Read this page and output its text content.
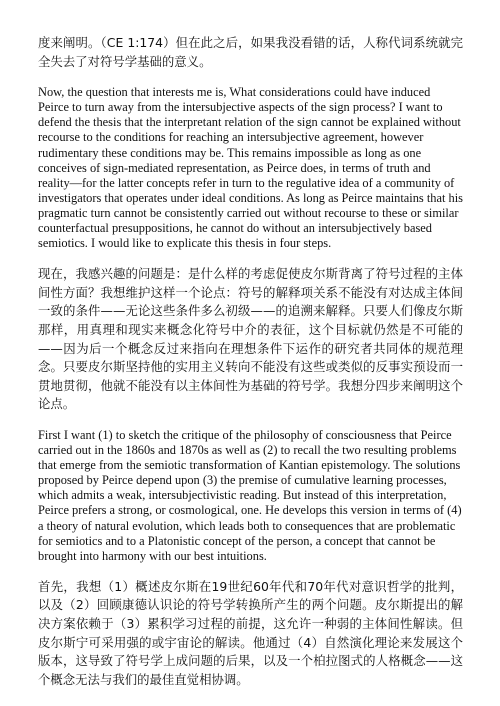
度来阐明。（CE 1:174）但在此之后，如果我没看错的话，人称代词系统就完全失去了对符号学基础的意义。

Now, the question that interests me is, What considerations could have induced Peirce to turn away from the intersubjective aspects of the sign process? I want to defend the thesis that the interpretant relation of the sign cannot be explained without recourse to the conditions for reaching an intersubjective agreement, however rudimentary these conditions may be. This remains impossible as long as one conceives of sign-mediated representation, as Peirce does, in terms of truth and reality—for the latter concepts refer in turn to the regulative idea of a community of investigators that operates under ideal conditions. As long as Peirce maintains that his pragmatic turn cannot be consistently carried out without recourse to these or similar counterfactual presuppositions, he cannot do without an intersubjectively based semiotics. I would like to explicate this thesis in four steps.

现在，我感兴趣的问题是：是什么样的考虑促使皮尔斯背离了符号过程的主体间性方面？我想维护这样一个论点：符号的解释项关系不能没有对达成主体间一致的条件——无论这些条件多么初级——的追溯来解释。只要人们像皮尔斯那样，用真理和现实来概念化符号中介的表征，这个目标就仍然是不可能的——因为后一个概念反过来指向在理想条件下运作的研究者共同体的规范理念。只要皮尔斯坚持他的实用主义转向不能没有这些或类似的反事实预设而一贯地贯彻，他就不能没有以主体间性为基础的符号学。我想分四步来阐明这个论点。

First I want (1) to sketch the critique of the philosophy of consciousness that Peirce carried out in the 1860s and 1870s as well as (2) to recall the two resulting problems that emerge from the semiotic transformation of Kantian epistemology. The solutions proposed by Peirce depend upon (3) the premise of cumulative learning processes, which admits a weak, intersubjectivistic reading. But instead of this interpretation, Peirce prefers a strong, or cosmological, one. He develops this version in terms of (4) a theory of natural evolution, which leads both to consequences that are problematic for semiotics and to a Platonistic concept of the person, a concept that cannot be brought into harmony with our best intuitions.

首先，我想（1）概述皮尔斯在19世纪60年代和70年代对意识哲学的批判，以及（2）回顾康德认识论的符号学转换所产生的两个问题。皮尔斯提出的解决方案依赖于（3）累积学习过程的前提，这允许一种弱的主体间性解读。但皮尔斯宁可采用强的或宇宙论的解读。他通过（4）自然演化理论来发展这个版本，这导致了符号学上成问题的后果，以及一个柏拉图式的人格概念——这个概念无法与我们的最佳直觉相协调。
